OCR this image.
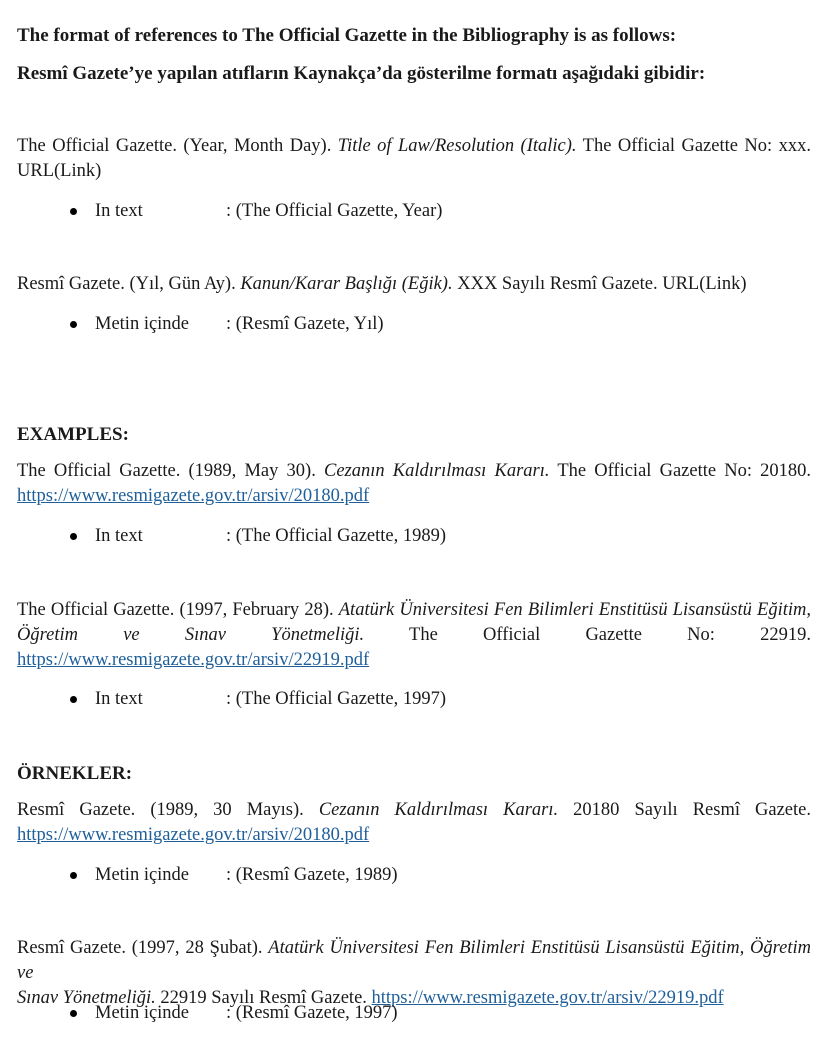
The format of references to The Official Gazette in the Bibliography is as follows:

Resmî Gazete’ye yapılan atıfların Kaynakça’da gösterilme formatı aşağıdaki gibidir:

The Official Gazette. (Year, Month Day). Title of Law/Resolution (Italic). The Official Gazette No: xxx.
URL(Link)
In text	: (The Official Gazette, Year)
Resmî Gazete. (Yıl, Gün Ay). Kanun/Karar Başlığı (Eğik). XXX Sayılı Resmî Gazete. URL(Link)
Metin içinde : (Resmî Gazete, Yıl)

EXAMPLES:

The Official Gazette. (1989, May 30). Cezanın Kaldırılması Kararı. The Official Gazette No: 20180.
https://www.resmigazete.gov.tr/arsiv/20180.pdf
In text	: (The Official Gazette, 1989)
The Official Gazette. (1997, February 28). Atatürk Üniversitesi Fen Bilimleri Enstitüsü Lisansüstü Eğitim,
Öğretim ve Sınav Yönetmeliği. The Official Gazette No: 22919.
https://www.resmigazete.gov.tr/arsiv/22919.pdf
In text	: (The Official Gazette, 1997)

ÖRNEKLER:

Resmî Gazete. (1989, 30 Mayıs). Cezanın Kaldırılması Kararı. 20180 Sayılı Resmî Gazete.
https://www.resmigazete.gov.tr/arsiv/20180.pdf
Metin içinde : (Resmî Gazete, 1989)
Resmî Gazete. (1997, 28 Şubat). Atatürk Üniversitesi Fen Bilimleri Enstitüsü Lisansüstü Eğitim, Öğretim ve
Sınav Yönetmeliği. 22919 Sayılı Resmî Gazete. https://www.resmigazete.gov.tr/arsiv/22919.pdf
Metin içinde : (Resmî Gazete, 1997)
